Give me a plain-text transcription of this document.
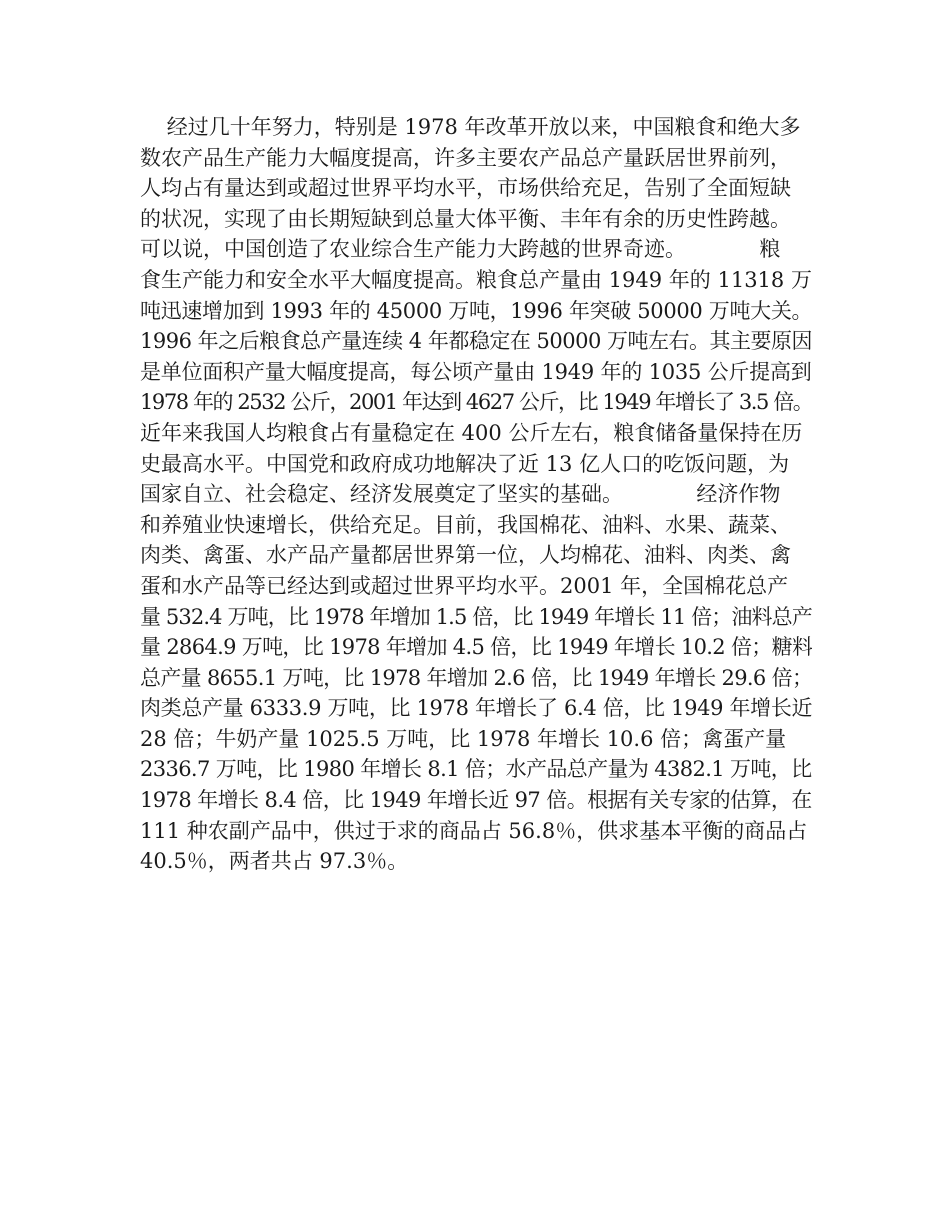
经过几十年努力，特别是 1978 年改革开放以来，中国粮食和绝大多
数农产品生产能力大幅度提高，许多主要农产品总产量跃居世界前列，
人均占有量达到或超过世界平均水平，市场供给充足，告别了全面短缺
的状况，实现了由长期短缺到总量大体平衡、丰年有余的历史性跨越。
可以说，中国创造了农业综合生产能力大跨越的世界奇迹。           粮
食生产能力和安全水平大幅度提高。粮食总产量由 1949 年的 11318 万
吨迅速增加到 1993 年的 45000 万吨，1996 年突破 50000 万吨大关。
1996 年之后粮食总产量连续 4 年都稳定在 50000 万吨左右。其主要原因
是单位面积产量大幅度提高，每公顷产量由 1949 年的 1035 公斤提高到
1978 年的 2532 公斤，2001 年达到 4627 公斤，比 1949 年增长了 3.5 倍。
近年来我国人均粮食占有量稳定在 400 公斤左右，粮食储备量保持在历
史最高水平。中国党和政府成功地解决了近 13 亿人口的吃饭问题，为
国家自立、社会稳定、经济发展奠定了坚实的基础。           经济作物
和养殖业快速增长，供给充足。目前，我国棉花、油料、水果、蔬菜、
肉类、禽蛋、水产品产量都居世界第一位，人均棉花、油料、肉类、禽
蛋和水产品等已经达到或超过世界平均水平。2001 年，全国棉花总产
量 532.4 万吨，比 1978 年增加 1.5 倍，比 1949 年增长 11 倍；油料总产
量 2864.9 万吨，比 1978 年增加 4.5 倍，比 1949 年增长 10.2 倍；糖料
总产量 8655.1 万吨，比 1978 年增加 2.6 倍，比 1949 年增长 29.6 倍；
肉类总产量 6333.9 万吨，比 1978 年增长了 6.4 倍，比 1949 年增长近
28 倍；牛奶产量 1025.5 万吨，比 1978 年增长 10.6 倍；禽蛋产量
2336.7 万吨，比 1980 年增长 8.1 倍；水产品总产量为 4382.1 万吨，比
1978 年增长 8.4 倍，比 1949 年增长近 97 倍。根据有关专家的估算，在
111 种农副产品中，供过于求的商品占 56.8％，供求基本平衡的商品占
40.5％，两者共占 97.3％。
